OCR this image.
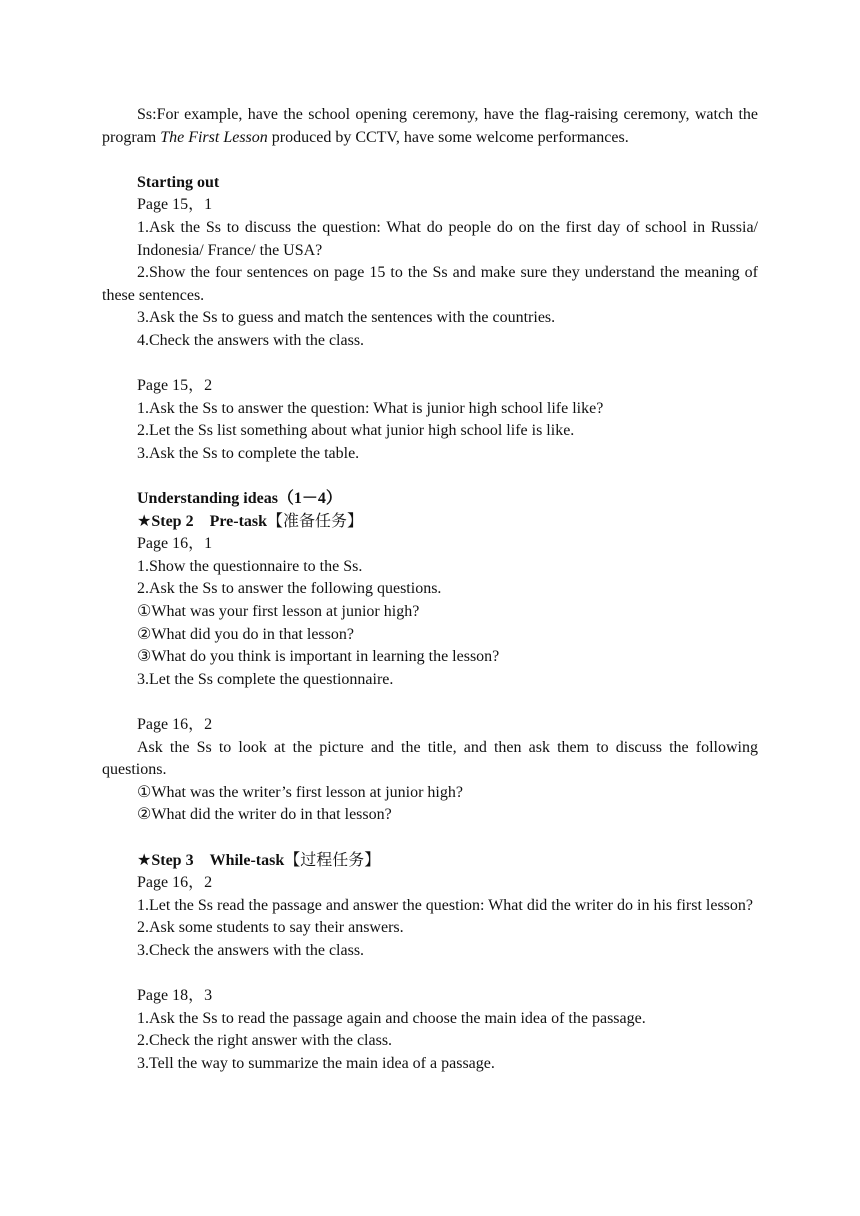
Ss:For example, have the school opening ceremony, have the flag-raising ceremony, watch the program The First Lesson produced by CCTV, have some welcome performances.

Starting out

Page 15，1

1.Ask the Ss to discuss the question: What do people do on the first day of school in Russia/ Indonesia/ France/ the USA?

2.Show the four sentences on page 15 to the Ss and make sure they understand the meaning of these sentences.

3.Ask the Ss to guess and match the sentences with the countries.

4.Check the answers with the class.

Page 15，2

1.Ask the Ss to answer the question: What is junior high school life like?

2.Let the Ss list something about what junior high school life is like.

3.Ask the Ss to complete the table.

Understanding ideas（1－4）

★Step 2　Pre-task【准备任务】

Page 16，1

1.Show the questionnaire to the Ss.

2.Ask the Ss to answer the following questions.

①What was your first lesson at junior high?

②What did you do in that lesson?

③What do you think is important in learning the lesson?

3.Let the Ss complete the questionnaire.

Page 16，2

Ask the Ss to look at the picture and the title, and then ask them to discuss the following questions.

①What was the writer’s first lesson at junior high?

②What did the writer do in that lesson?

★Step 3　While-task【过程任务】

Page 16，2

1.Let the Ss read the passage and answer the question: What did the writer do in his first lesson?

2.Ask some students to say their answers.

3.Check the answers with the class.

Page 18，3

1.Ask the Ss to read the passage again and choose the main idea of the passage.

2.Check the right answer with the class.

3.Tell the way to summarize the main idea of a passage.
